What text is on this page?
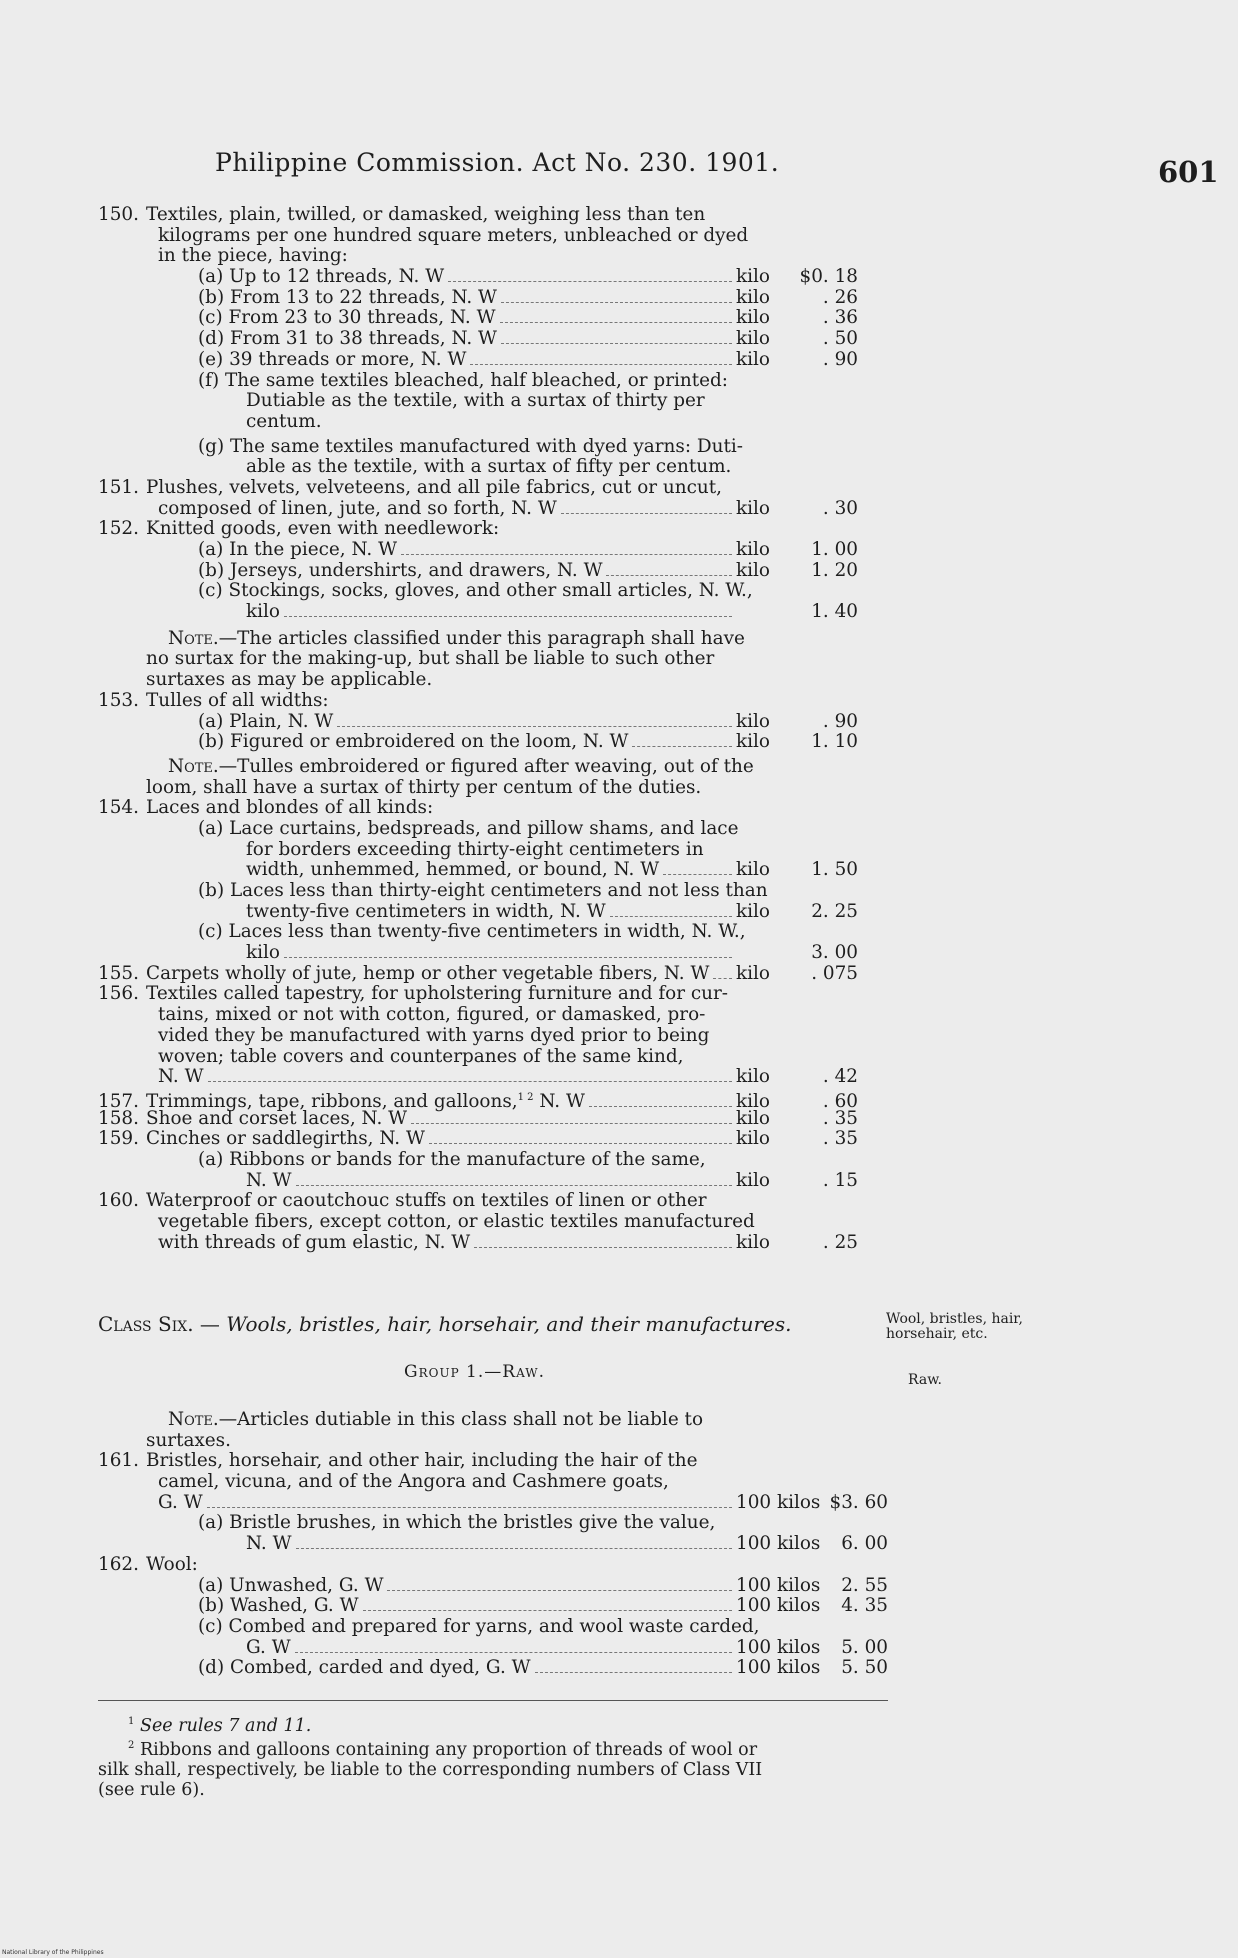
Philippine Commission. Act No. 230. 1901.	601
150. Textiles, plain, twilled, or damasked, weighing less than ten
kilograms per one hundred square meters, unbleached or dyed
in the piece, having:
(a) Up to 12 threads, N. W	kilo	$0. 18
(b) From 13 to 22 threads, N. W	kilo	. 26
(c) From 23 to 30 threads, N. W	kilo	. 36
(d) From 31 to 38 threads, N. W	kilo	. 50
(e) 39 threads or more, N. W	kilo	. 90
(f) The same textiles bleached, half bleached, or printed:
Dutiable as the textile, with a surtax of thirty per
centum.
(g) The same textiles manufactured with dyed yarns: Duti-
able as the textile, with a surtax of fifty per centum.
151. Plushes, velvets, velveteens, and all pile fabrics, cut or uncut,
composed of linen, jute, and so forth, N. W	kilo	. 30
152. Knitted goods, even with needlework:
(a) In the piece, N. W	kilo	1. 00
(b) Jerseys, undershirts, and drawers, N. W	kilo	1. 20
(c) Stockings, socks, gloves, and other small articles, N. W.,
kilo	1. 40
Note.—The articles classified under this paragraph shall have
no surtax for the making-up, but shall be liable to such other
surtaxes as may be applicable.
153. Tulles of all widths:
(a) Plain, N. W	kilo	. 90
(b) Figured or embroidered on the loom, N. W	kilo	1. 10
Note.—Tulles embroidered or figured after weaving, out of the
loom, shall have a surtax of thirty per centum of the duties.
154. Laces and blondes of all kinds:
(a) Lace curtains, bedspreads, and pillow shams, and lace
for borders exceeding thirty-eight centimeters in
width, unhemmed, hemmed, or bound, N. W	kilo	1. 50
(b) Laces less than thirty-eight centimeters and not less than
twenty-five centimeters in width, N. W	kilo	2. 25
(c) Laces less than twenty-five centimeters in width, N. W.,
kilo	3. 00
155. Carpets wholly of jute, hemp or other vegetable fibers, N. W kilo	. 075
156. Textiles called tapestry, for upholstering furniture and for cur-
tains, mixed or not with cotton, figured, or damasked, pro-
vided they be manufactured with yarns dyed prior to being
woven; table covers and counterpanes of the same kind,
N. W	kilo	. 42
157. Trimmings, tape, ribbons, and galloons,$^{1 2}$ N. W	kilo	. 60
158. Shoe and corset laces, N. W	kilo	. 35
159. Cinches or saddlegirths, N. W	kilo	. 35
(a) Ribbons or bands for the manufacture of the same,
N. W	kilo	. 15
160. Waterproof or caoutchouc stuffs on textiles of linen or other
vegetable fibers, except cotton, or elastic textiles manufactured
with threads of gum elastic, N. W	kilo	. 25
Class Six. — Wools, bristles, hair, horsehair, and their manufactures.	Wool, bristles, hair, horsehair, etc.
Group 1.—Raw.	Raw.
Note.—Articles dutiable in this class shall not be liable to
surtaxes.
161. Bristles, horsehair, and other hair, including the hair of the
camel, vicuna, and of the Angora and Cashmere goats,
G. W	100 kilos $3. 60
(a) Bristle brushes, in which the bristles give the value,
N. W	100 kilos	6. 00
162. Wool:
(a) Unwashed, G. W	100 kilos	2. 55
(b) Washed, G. W	100 kilos	4. 35
(c) Combed and prepared for yarns, and wool waste carded,
G. W	100 kilos	5. 00
(d) Combed, carded and dyed, G. W	100 kilos	5. 50
$^1$ See rules 7 and 11.
$^2$ Ribbons and galloons containing any proportion of threads of wool or
silk shall, respectively, be liable to the corresponding numbers of Class VII
(see rule 6).
National Library of the Philippines
